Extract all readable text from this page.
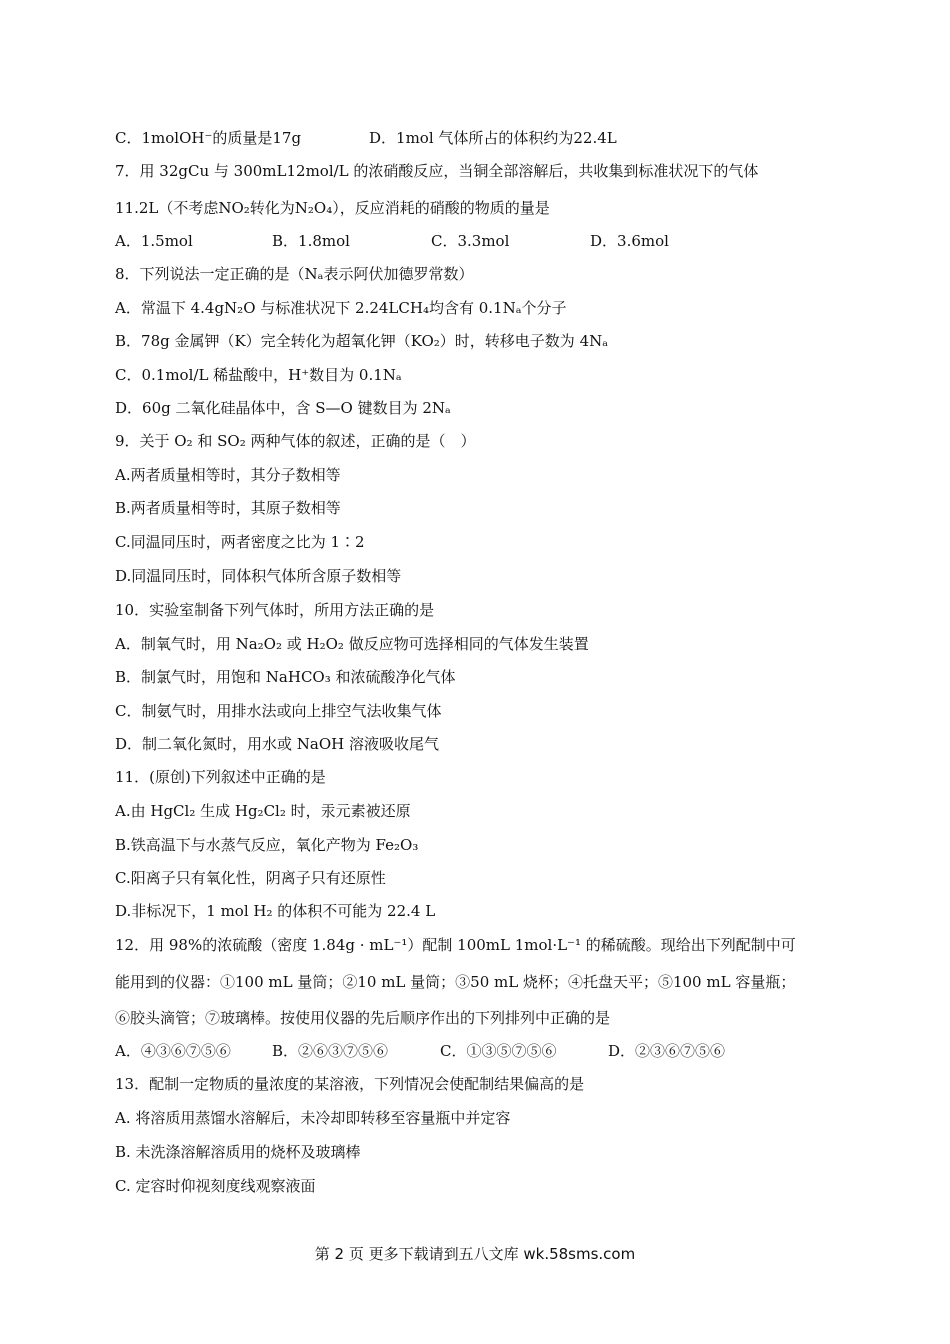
C．1molOH⁻的质量是17g	D．1mol 气体所占的体积约为22.4L
7．用 32gCu 与 300mL12mol/L 的浓硝酸反应，当铜全部溶解后，共收集到标准状况下的气体
11.2L（不考虑NO₂转化为N₂O₄），反应消耗的硝酸的物质的量是
A．1.5mol	B．1.8mol	C．3.3mol	D．3.6mol
8．下列说法一定正确的是（Nₐ表示阿伏加德罗常数）
A．常温下 4.4gN₂O 与标准状况下 2.24LCH₄均含有 0.1Nₐ个分子
B．78g 金属钾（K）完全转化为超氧化钾（KO₂）时，转移电子数为 4Nₐ
C．0.1mol/L 稀盐酸中，H⁺数目为 0.1Nₐ
D．60g 二氧化硅晶体中，含 S—O 键数目为 2Nₐ
9．关于 O₂ 和 SO₂ 两种气体的叙述，正确的是（　）
A.两者质量相等时，其分子数相等
B.两者质量相等时，其原子数相等
C.同温同压时，两者密度之比为 1∶2
D.同温同压时，同体积气体所含原子数相等
10．实验室制备下列气体时，所用方法正确的是
A．制氧气时，用 Na₂O₂ 或 H₂O₂ 做反应物可选择相同的气体发生装置
B．制氯气时，用饱和 NaHCO₃ 和浓硫酸净化气体
C．制氨气时，用排水法或向上排空气法收集气体
D．制二氧化氮时，用水或 NaOH 溶液吸收尾气
11．(原创)下列叙述中正确的是
A.由 HgCl₂ 生成 Hg₂Cl₂ 时，汞元素被还原
B.铁高温下与水蒸气反应，氧化产物为 Fe₂O₃
C.阳离子只有氧化性，阴离子只有还原性
D.非标况下，1 mol H₂ 的体积不可能为 22.4 L
12．用 98%的浓硫酸（密度 1.84g · mL⁻¹）配制 100mL 1mol·L⁻¹ 的稀硫酸。现给出下列配制中可
能用到的仪器：①100 mL 量筒；②10 mL 量筒；③50 mL 烧杯；④托盘天平；⑤100 mL 容量瓶；
⑥胶头滴管；⑦玻璃棒。按使用仪器的先后顺序作出的下列排列中正确的是
A．④③⑥⑦⑤⑥	B．②⑥③⑦⑤⑥	C．①③⑤⑦⑤⑥	D．②③⑥⑦⑤⑥
13．配制一定物质的量浓度的某溶液，下列情况会使配制结果偏高的是
A. 将溶质用蒸馏水溶解后，未冷却即转移至容量瓶中并定容
B. 未洗涤溶解溶质用的烧杯及玻璃棒
C. 定容时仰视刻度线观察液面
第 2 页 更多下载请到五八文库 wk.58sms.com
